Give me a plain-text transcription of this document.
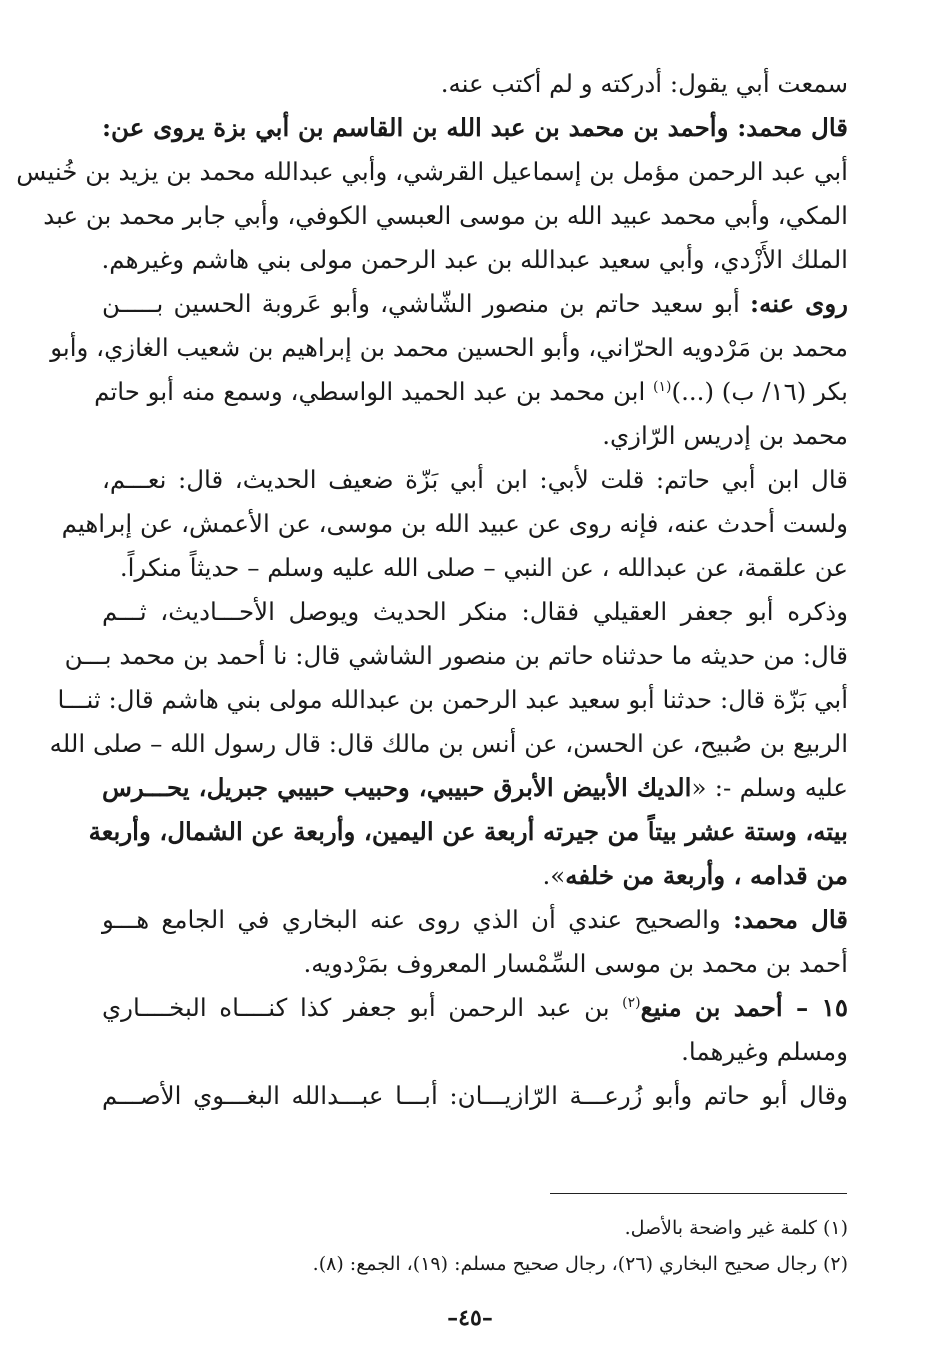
سمعت أبي يقول: أدركته و لم أكتب عنه.
قال محمد: وأحمد بن محمد بن عبد الله بن القاسم بن أبي بزة يروى عن:
أبي عبد الرحمن مؤمل بن إسماعيل القرشي، وأبي عبدالله محمد بن يزيد بن خُنيس
المكي، وأبي محمد عبيد الله بن موسى العبسي الكوفي، وأبي جابر محمد بن عبد
الملك الأَزْدي، وأبي سعيد عبدالله بن عبد الرحمن مولى بني هاشم وغيرهم.
روى عنه: أبو سعيد حاتم بن منصور الشّاشي، وأبو عَروبة الحسين بـــــن
محمد بن مَرْدويه الحرّاني، وأبو الحسين محمد بن إبراهيم بن شعيب الغازي، وأبو
بكر (١٦/ ب) (...)$^{(١)}$ ابن محمد بن عبد الحميد الواسطي، وسمع منه أبو حاتم
محمد بن إدريس الرّازي.
قال ابن أبي حاتم: قلت لأبي: ابن أبي بَزّة ضعيف الحديث، قال: نعـــم،
ولست أحدث عنه، فإنه روى عن عبيد الله بن موسى، عن الأعمش، عن إبراهيم
عن علقمة، عن عبدالله ، عن النبي – صلى الله عليه وسلم – حديثاً منكراً.
وذكره أبو جعفر العقيلي فقال: منكر الحديث ويوصل الأحـــاديث، ثـــم
قال: من حديثه ما حدثناه حاتم بن منصور الشاشي قال: نا أحمد بن محمد بـــن
أبي بَزّة قال: حدثنا أبو سعيد عبد الرحمن بن عبدالله مولى بني هاشم قال: ثنـــا
الربيع بن صُبيح، عن الحسن، عن أنس بن مالك قال: قال رسول الله – صلى الله
عليه وسلم -: «الديك الأبيض الأبرق حبيبي، وحبيب حبيبي جبريل، يحـــرس
بيته، وستة عشر بيتاً من جيرته أربعة عن اليمين، وأربعة عن الشمال، وأربعة
من قدامه ، وأربعة من خلفه».
قال محمد: والصحيح عندي أن الذي روى عنه البخاري في الجامع هـــو
أحمد بن محمد بن موسى السِّمْسار المعروف بمَرْدويه.
١٥ – أحمد بن منيع$^{(٢)}$ بن عبد الرحمن أبو جعفر كذا كنــــاه البخــــاري
ومسلم وغيرهما.
وقال أبو حاتم وأبو زُرعـــة الرّازيـــان: أبـــا عبـــدالله البغـــوي الأصـــم
(١) كلمة غير واضحة بالأصل.
(٢) رجال صحيح البخاري (٢٦)، رجال صحيح مسلم: (١٩)، الجمع: (٨).
–٤٥–
